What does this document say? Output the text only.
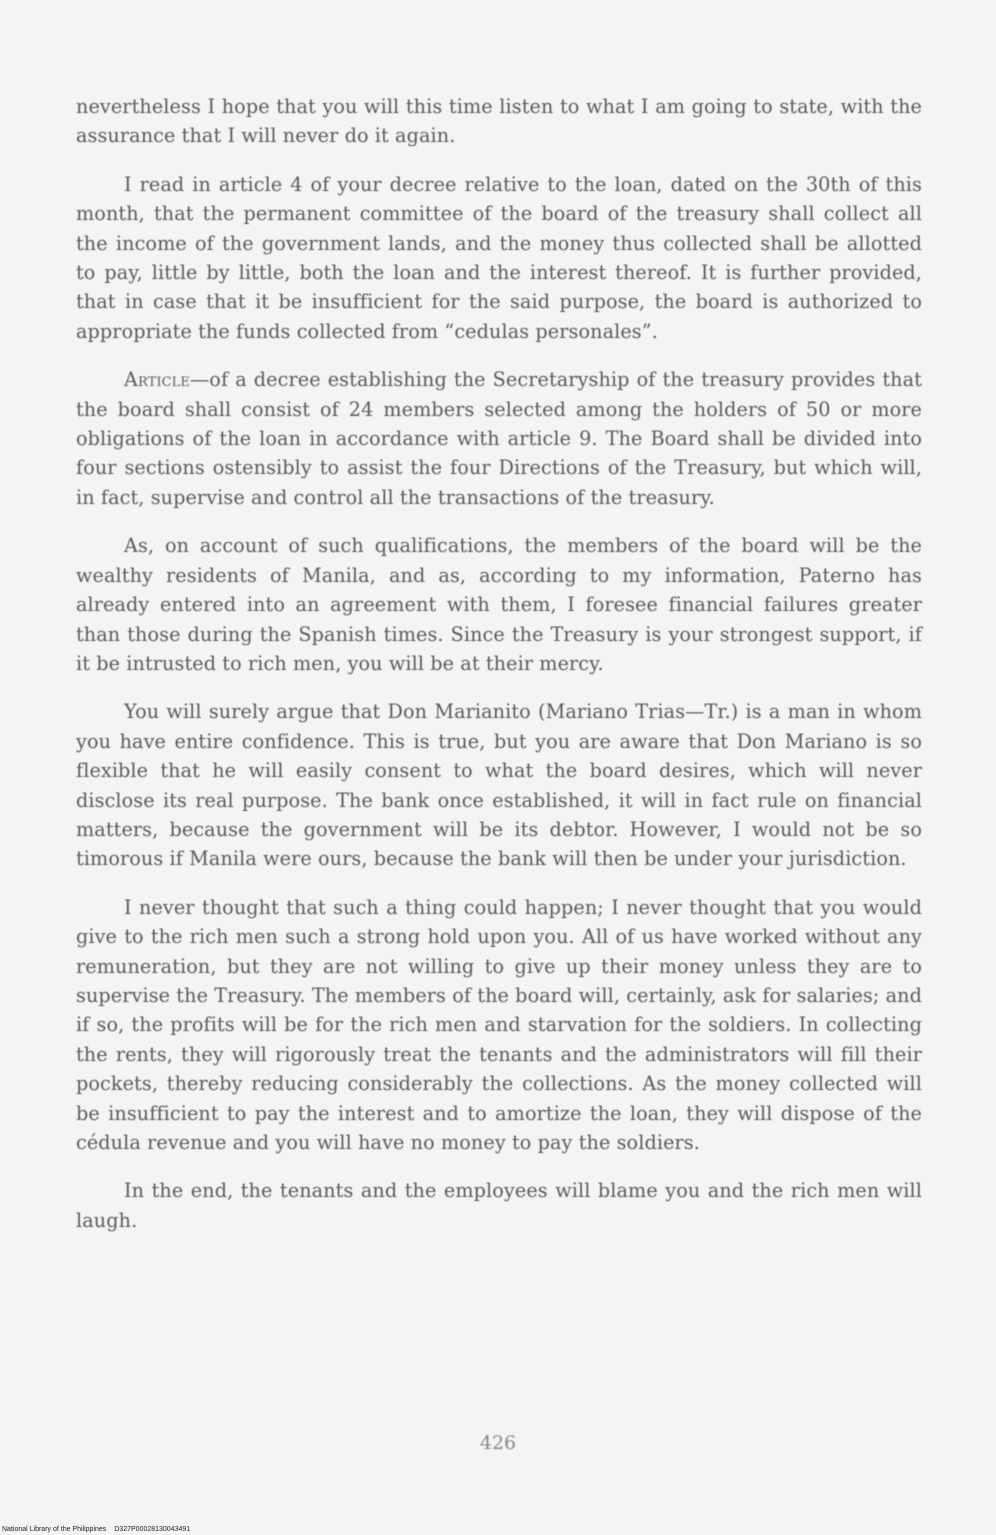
nevertheless I hope that you will this time listen to what I am going to state, with the assurance that I will never do it again.

I read in article 4 of your decree relative to the loan, dated on the 30th of this month, that the permanent committee of the board of the treasury shall collect all the income of the government lands, and the money thus collected shall be allotted to pay, little by little, both the loan and the interest thereof. It is further provided, that in case that it be insufficient for the said purpose, the board is authorized to appropriate the funds collected from “cedulas personales”.

Article—of a decree establishing the Secretaryship of the treasury provides that the board shall consist of 24 members selected among the holders of 50 or more obligations of the loan in accordance with article 9. The Board shall be divided into four sections ostensibly to assist the four Directions of the Treasury, but which will, in fact, supervise and control all the transactions of the treasury.

As, on account of such qualifications, the members of the board will be the wealthy residents of Manila, and as, according to my information, Paterno has already entered into an agreement with them, I foresee financial failures greater than those during the Spanish times. Since the Treasury is your strongest support, if it be intrusted to rich men, you will be at their mercy.

You will surely argue that Don Marianito (Mariano Trias—Tr.) is a man in whom you have entire confidence. This is true, but you are aware that Don Mariano is so flexible that he will easily consent to what the board desires, which will never disclose its real purpose. The bank once established, it will in fact rule on financial matters, because the government will be its debtor. However, I would not be so timorous if Manila were ours, because the bank will then be under your jurisdiction.

I never thought that such a thing could happen; I never thought that you would give to the rich men such a strong hold upon you. All of us have worked without any remuneration, but they are not willing to give up their money unless they are to supervise the Treasury. The members of the board will, certainly, ask for salaries; and if so, the profits will be for the rich men and starvation for the soldiers. In collecting the rents, they will rigorously treat the tenants and the administrators will fill their pockets, thereby reducing considerably the collections. As the money collected will be insufficient to pay the interest and to amortize the loan, they will dispose of the cédula revenue and you will have no money to pay the soldiers.

In the end, the tenants and the employees will blame you and the rich men will laugh.

426
National Library of the Philippines D327P00028130043491
